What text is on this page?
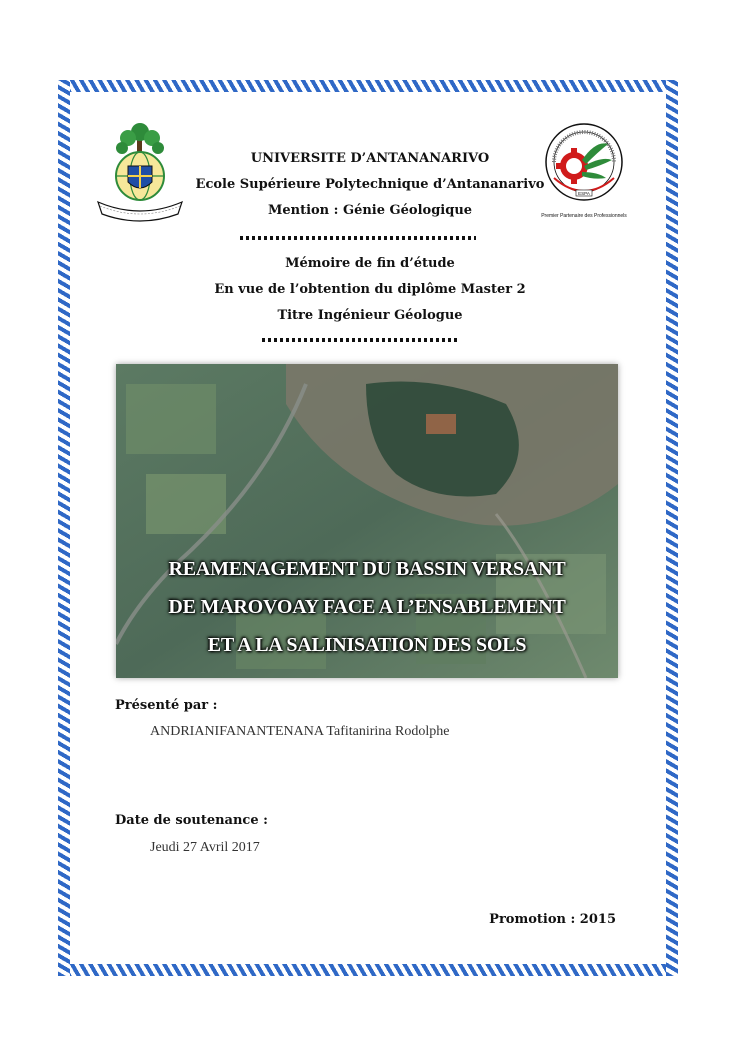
ESPA
Premier Partenaire des Professionnels
UNIVERSITE D’ANTANANARIVO
Ecole Supérieure Polytechnique d’Antananarivo
Mention : Génie Géologique
Mémoire de fin d’étude
En vue de l’obtention du diplôme Master 2
Titre Ingénieur Géologue
REAMENAGEMENT DU BASSIN VERSANT
DE MAROVOAY FACE A L’ENSABLEMENT
ET A LA SALINISATION DES SOLS
Présenté par :
ANDRIANIFANANTENANA Tafitanirina Rodolphe
Date de soutenance :
Jeudi 27 Avril 2017
Promotion : 2015
